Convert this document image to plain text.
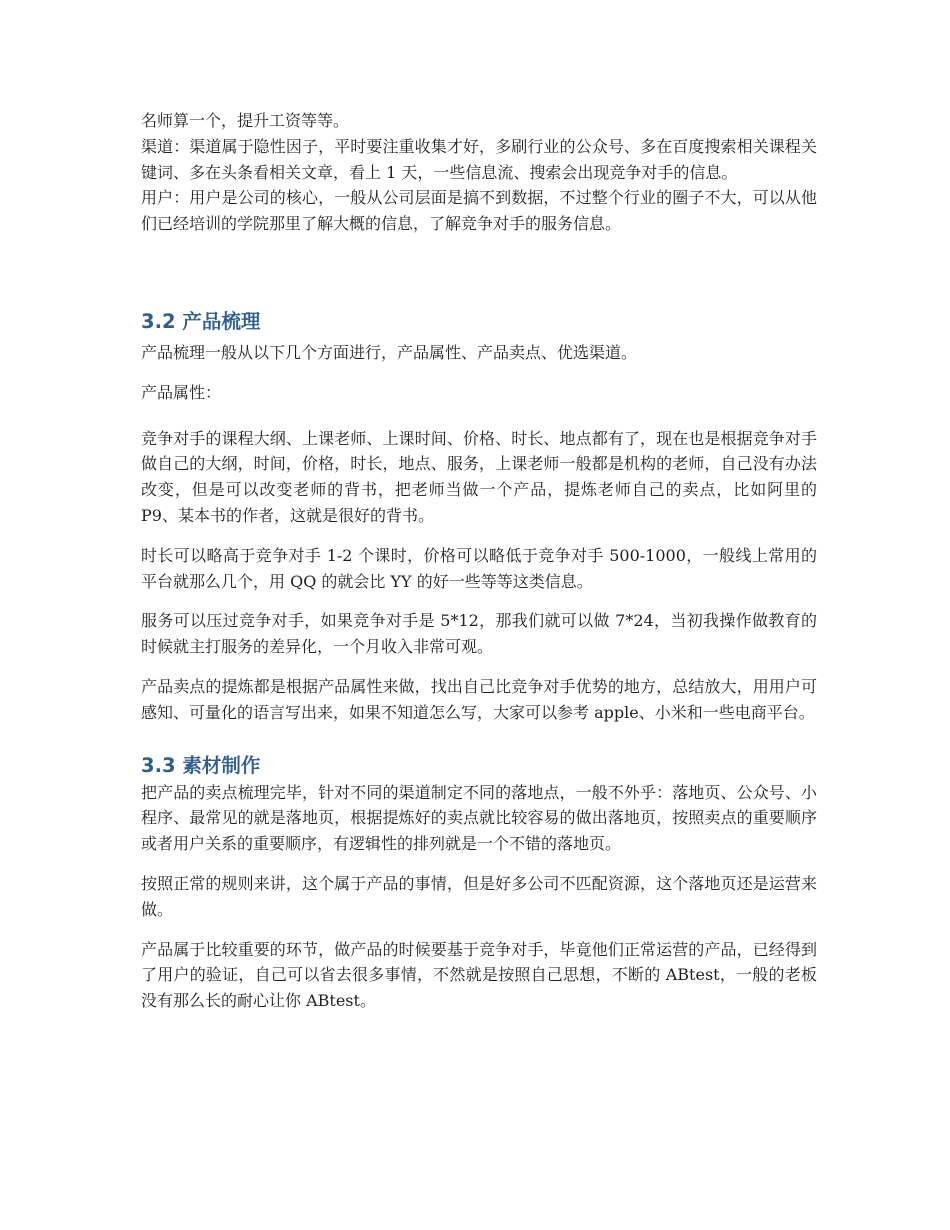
名师算一个，提升工资等等。

渠道：渠道属于隐性因子，平时要注重收集才好，多刷行业的公众号、多在百度搜索相关课程关键词、多在头条看相关文章，看上 1 天，一些信息流、搜索会出现竞争对手的信息。

用户：用户是公司的核心，一般从公司层面是搞不到数据，不过整个行业的圈子不大，可以从他们已经培训的学院那里了解大概的信息，了解竞争对手的服务信息。

3.2 产品梳理

产品梳理一般从以下几个方面进行，产品属性、产品卖点、优选渠道。

产品属性：

竞争对手的课程大纲、上课老师、上课时间、价格、时长、地点都有了，现在也是根据竞争对手做自己的大纲，时间，价格，时长，地点、服务，上课老师一般都是机构的老师，自己没有办法改变，但是可以改变老师的背书，把老师当做一个产品，提炼老师自己的卖点，比如阿里的 P9、某本书的作者，这就是很好的背书。

时长可以略高于竞争对手 1-2 个课时，价格可以略低于竞争对手 500-1000，一般线上常用的平台就那么几个，用 QQ 的就会比 YY 的好一些等等这类信息。

服务可以压过竞争对手，如果竞争对手是 5*12，那我们就可以做 7*24，当初我操作做教育的时候就主打服务的差异化，一个月收入非常可观。

产品卖点的提炼都是根据产品属性来做，找出自己比竞争对手优势的地方，总结放大，用用户可感知、可量化的语言写出来，如果不知道怎么写，大家可以参考 apple、小米和一些电商平台。

3.3 素材制作

把产品的卖点梳理完毕，针对不同的渠道制定不同的落地点，一般不外乎：落地页、公众号、小程序、最常见的就是落地页，根据提炼好的卖点就比较容易的做出落地页，按照卖点的重要顺序或者用户关系的重要顺序，有逻辑性的排列就是一个不错的落地页。

按照正常的规则来讲，这个属于产品的事情，但是好多公司不匹配资源，这个落地页还是运营来做。

产品属于比较重要的环节，做产品的时候要基于竞争对手，毕竟他们正常运营的产品，已经得到了用户的验证，自己可以省去很多事情，不然就是按照自己思想，不断的 ABtest，一般的老板没有那么长的耐心让你 ABtest。
